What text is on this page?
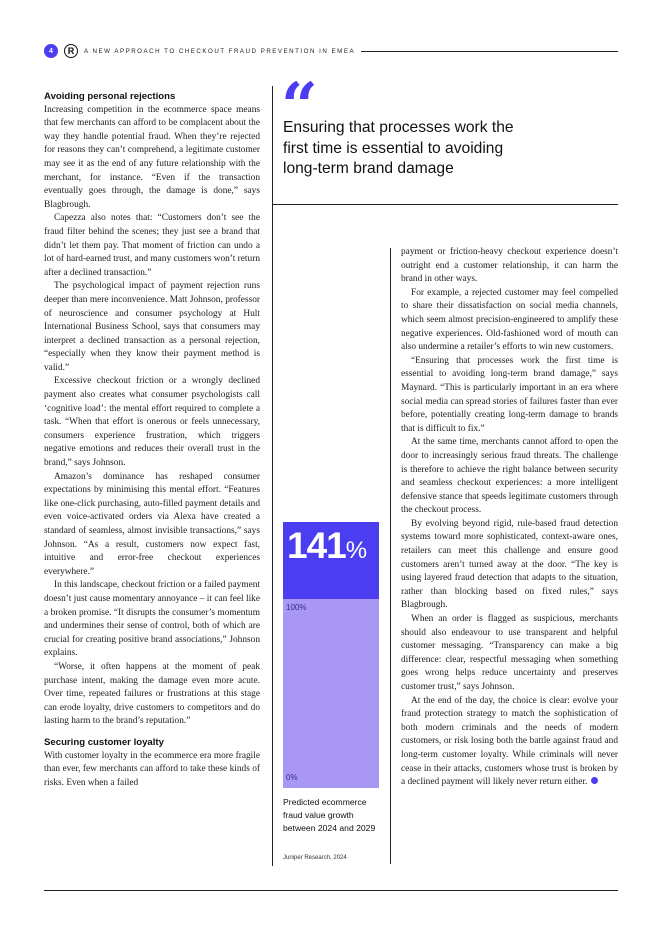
4	R	A NEW APPROACH TO CHECKOUT FRAUD PREVENTION IN EMEA
Avoiding personal rejections

Increasing competition in the ecommerce space means that few merchants can afford to be complacent about the way they handle potential fraud. When they’re rejected for reasons they can’t comprehend, a legitimate customer may see it as the end of any future relationship with the merchant, for instance. “Even if the transaction eventually goes through, the damage is done,” says Blagbrough.

Capezza also notes that: “Customers don’t see the fraud filter behind the scenes; they just see a brand that didn’t let them pay. That moment of friction can undo a lot of hard-earned trust, and many customers won’t return after a declined transaction.”

The psychological impact of payment rejection runs deeper than mere inconvenience. Matt Johnson, professor of neuroscience and consumer psychology at Hult International Business School, says that consumers may interpret a declined transaction as a personal rejection, “especially when they know their payment method is valid.”

Excessive checkout friction or a wrongly declined payment also creates what consumer psychologists call ‘cognitive load’: the mental effort required to complete a task. “When that effort is onerous or feels unnecessary, consumers experience frustration, which triggers negative emotions and reduces their overall trust in the brand,” says Johnson.

Amazon’s dominance has reshaped consumer expectations by minimising this mental effort. “Features like one-click purchasing, auto-filled payment details and even voice-activated orders via Alexa have created a standard of seamless, almost invisible transactions,” says Johnson. “As a result, customers now expect fast, intuitive and error-free checkout experiences everywhere.”

In this landscape, checkout friction or a failed payment doesn’t just cause momentary annoyance – it can feel like a broken promise. “It disrupts the consumer’s momentum and undermines their sense of control, both of which are crucial for creating positive brand associations,” Johnson explains.

“Worse, it often happens at the moment of peak purchase intent, making the damage even more acute. Over time, repeated failures or frustrations at this stage can erode loyalty, drive customers to competitors and do lasting harm to the brand’s reputation.”

Securing customer loyalty

With customer loyalty in the ecommerce era more fragile than ever, few merchants can afford to take these kinds of risks. Even when a failed

“

Ensuring that processes work the first time is essential to avoiding long-term brand damage

141%
100%
0%

Predicted ecommerce fraud value growth between 2024 and 2029

Juniper Research, 2024

payment or friction-heavy checkout experience doesn’t outright end a customer relationship, it can harm the brand in other ways.

For example, a rejected customer may feel compelled to share their dissatisfaction on social media channels, which seem almost precision-engineered to amplify these negative experiences. Old-fashioned word of mouth can also undermine a retailer’s efforts to win new customers.

“Ensuring that processes work the first time is essential to avoiding long-term brand damage,” says Maynard. “This is particularly important in an era where social media can spread stories of failures faster than ever before, potentially creating long-term damage to brands that is difficult to fix.”

At the same time, merchants cannot afford to open the door to increasingly serious fraud threats. The challenge is therefore to achieve the right balance between security and seamless checkout experiences: a more intelligent defensive stance that speeds legitimate customers through the checkout process.

By evolving beyond rigid, rule-based fraud detection systems toward more sophisticated, context-aware ones, retailers can meet this challenge and ensure good customers aren’t turned away at the door. “The key is using layered fraud detection that adapts to the situation, rather than blocking based on fixed rules,” says Blagbrough.

When an order is flagged as suspicious, merchants should also endeavour to use transparent and helpful customer messaging. “Transparency can make a big difference: clear, respectful messaging when something goes wrong helps reduce uncertainty and preserves customer trust,” says Johnson.

At the end of the day, the choice is clear: evolve your fraud protection strategy to match the sophistication of both modern criminals and the needs of modern customers, or risk losing both the battle against fraud and long-term customer loyalty. While criminals will never cease in their attacks, customers whose trust is broken by a declined payment will likely never return either.
